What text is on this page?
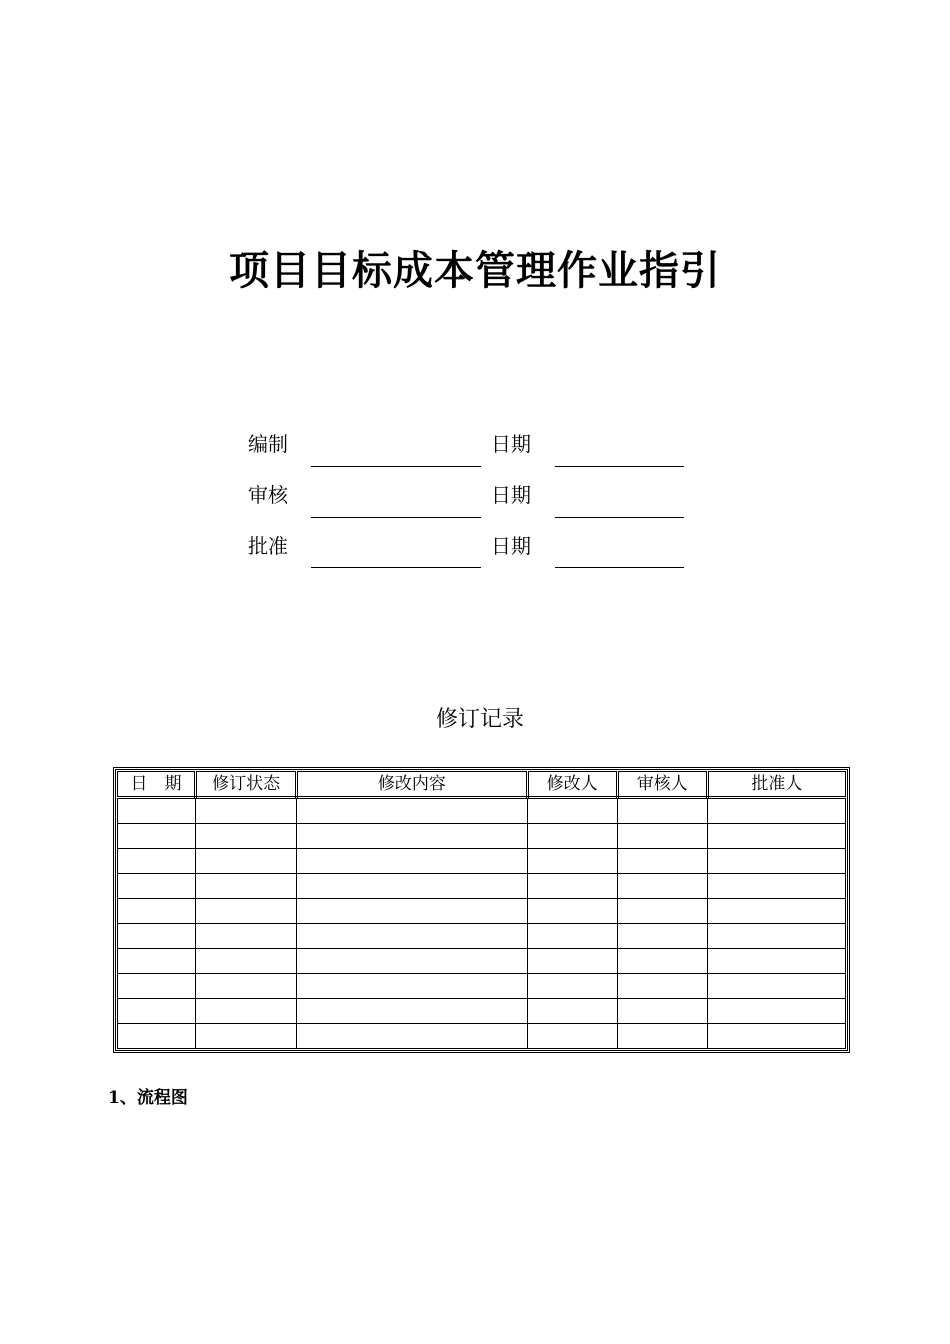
项目目标成本管理作业指引
编制	日期
审核	日期
批准	日期
修订记录
日　期	修订状态	修改内容	修改人	审核人	批准人

1、流程图
